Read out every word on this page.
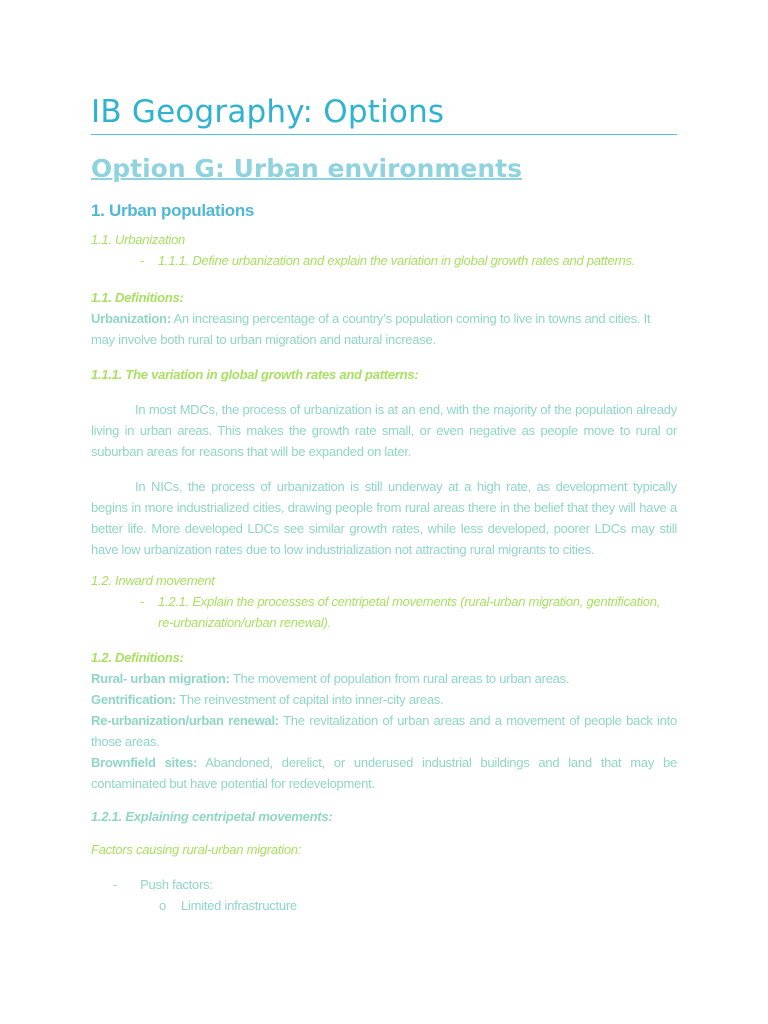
IB Geography: Options
Option G: Urban environments
1. Urban populations

1.1. Urbanization

-	1.1.1. Define urbanization and explain the variation in global growth rates and patterns.

1.1. Definitions:

Urbanization: An increasing percentage of a country’s population coming to live in towns and cities. It may involve both rural to urban migration and natural increase.

1.1.1. The variation in global growth rates and patterns:

In most MDCs, the process of urbanization is at an end, with the majority of the population already living in urban areas. This makes the growth rate small, or even negative as people move to rural or suburban areas for reasons that will be expanded on later.

In NICs, the process of urbanization is still underway at a high rate, as development typically begins in more industrialized cities, drawing people from rural areas there in the belief that they will have a better life. More developed LDCs see similar growth rates, while less developed, poorer LDCs may still have low urbanization rates due to low industrialization not attracting rural migrants to cities.

1.2. Inward movement

-	1.2.1. Explain the processes of centripetal movements (rural-urban migration, gentrification, re-urbanization/urban renewal).

1.2. Definitions:

Rural- urban migration: The movement of population from rural areas to urban areas.

Gentrification: The reinvestment of capital into inner-city areas.

Re-urbanization/urban renewal: The revitalization of urban areas and a movement of people back into those areas.

Brownfield sites: Abandoned, derelict, or underused industrial buildings and land that may be contaminated but have potential for redevelopment.

1.2.1. Explaining centripetal movements:

Factors causing rural-urban migration:

-	Push factors:
o	Limited infrastructure
